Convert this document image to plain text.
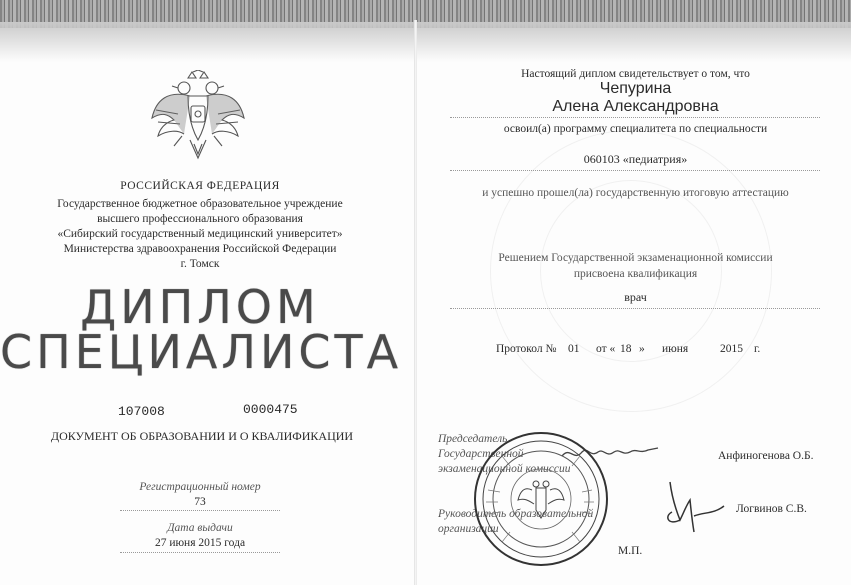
РОССИЙСКАЯ ФЕДЕРАЦИЯ
Государственное бюджетное образовательное учреждение
высшего профессионального образования
«Сибирский государственный медицинский университет»
Министерства здравоохранения Российской Федерации
г. Томск
ДИПЛОМ
СПЕЦИАЛИСТА
107008	0000475
ДОКУМЕНТ ОБ ОБРАЗОВАНИИ И О КВАЛИФИКАЦИИ
Регистрационный номер
73
Дата выдачи
27 июня 2015 года
Настоящий диплом свидетельствует о том, что
Чепурина
Алена Александровна
освоил(а) программу специалитета по специальности
060103 «педиатрия»
и успешно прошел(ла) государственную итоговую аттестацию
Решением Государственной экзаменационной комиссии
присвоена квалификация
врач
Протокол № 01 от « 18 » июня	2015 г.
Председатель
Государственной
экзаменационной комиссии
Анфиногенова О.Б.
Руководитель образовательной
организации
Логвинов С.В.
М.П.
